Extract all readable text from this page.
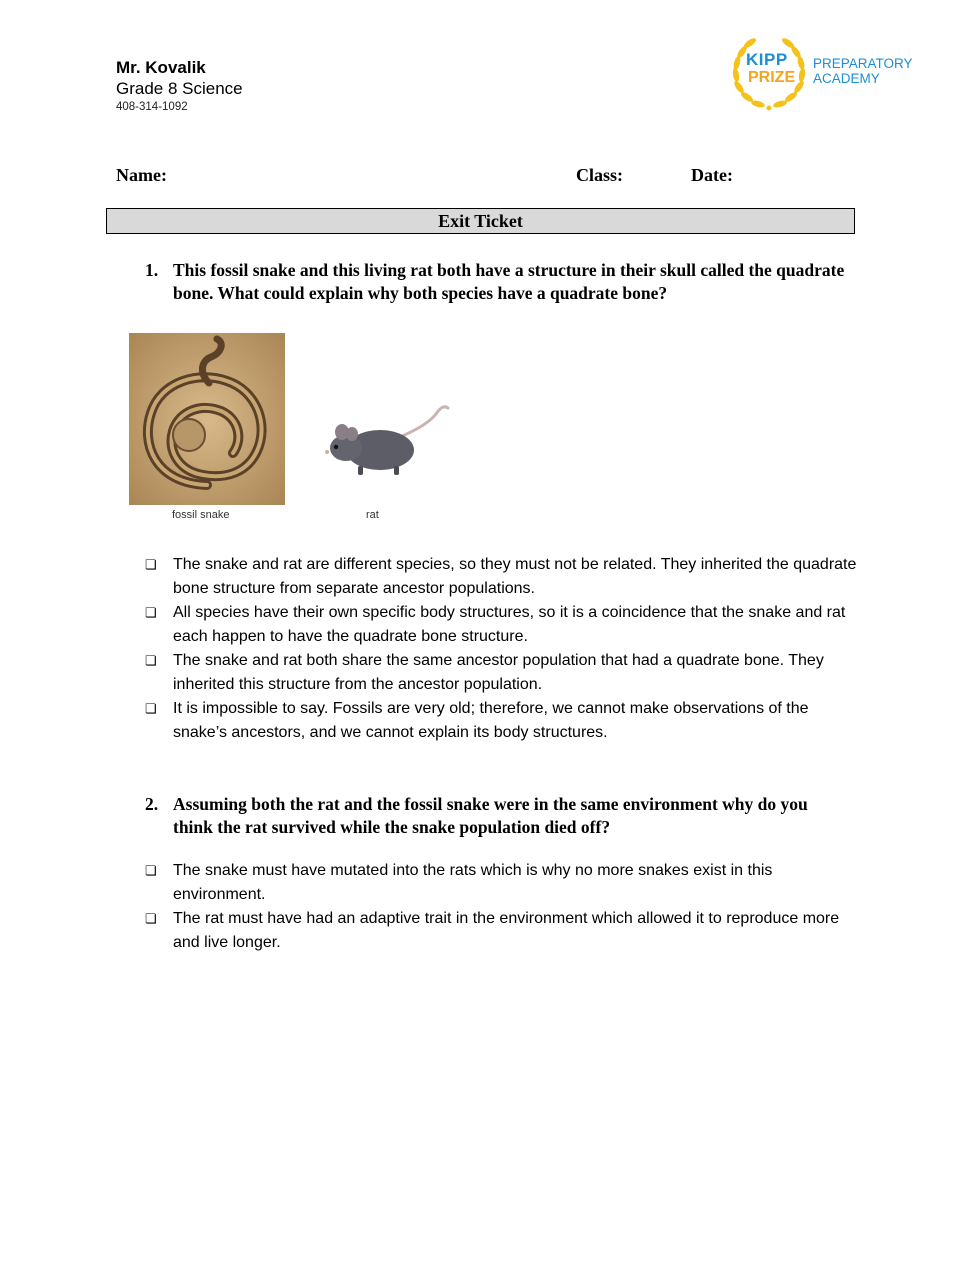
Mr. Kovalik
Grade 8 Science
408-314-1092
KIPP
PRIZE
PREPARATORY
ACADEMY
Name:	Class:	Date:
Exit Ticket
1. This fossil snake and this living rat both have a structure in their skull called the quadrate bone. What could explain why both species have a quadrate bone?
fossil snake	rat
❏ The snake and rat are different species, so they must not be related. They inherited the quadrate bone structure from separate ancestor populations.
❏ All species have their own specific body structures, so it is a coincidence that the snake and rat each happen to have the quadrate bone structure.
❏ The snake and rat both share the same ancestor population that had a quadrate bone. They inherited this structure from the ancestor population.
❏ It is impossible to say. Fossils are very old; therefore, we cannot make observations of the snake’s ancestors, and we cannot explain its body structures.
2. Assuming both the rat and the fossil snake were in the same environment why do you think the rat survived while the snake population died off?
❏ The snake must have mutated into the rats which is why no more snakes exist in this environment.
❏ The rat must have had an adaptive trait in the environment which allowed it to reproduce more and live longer.
